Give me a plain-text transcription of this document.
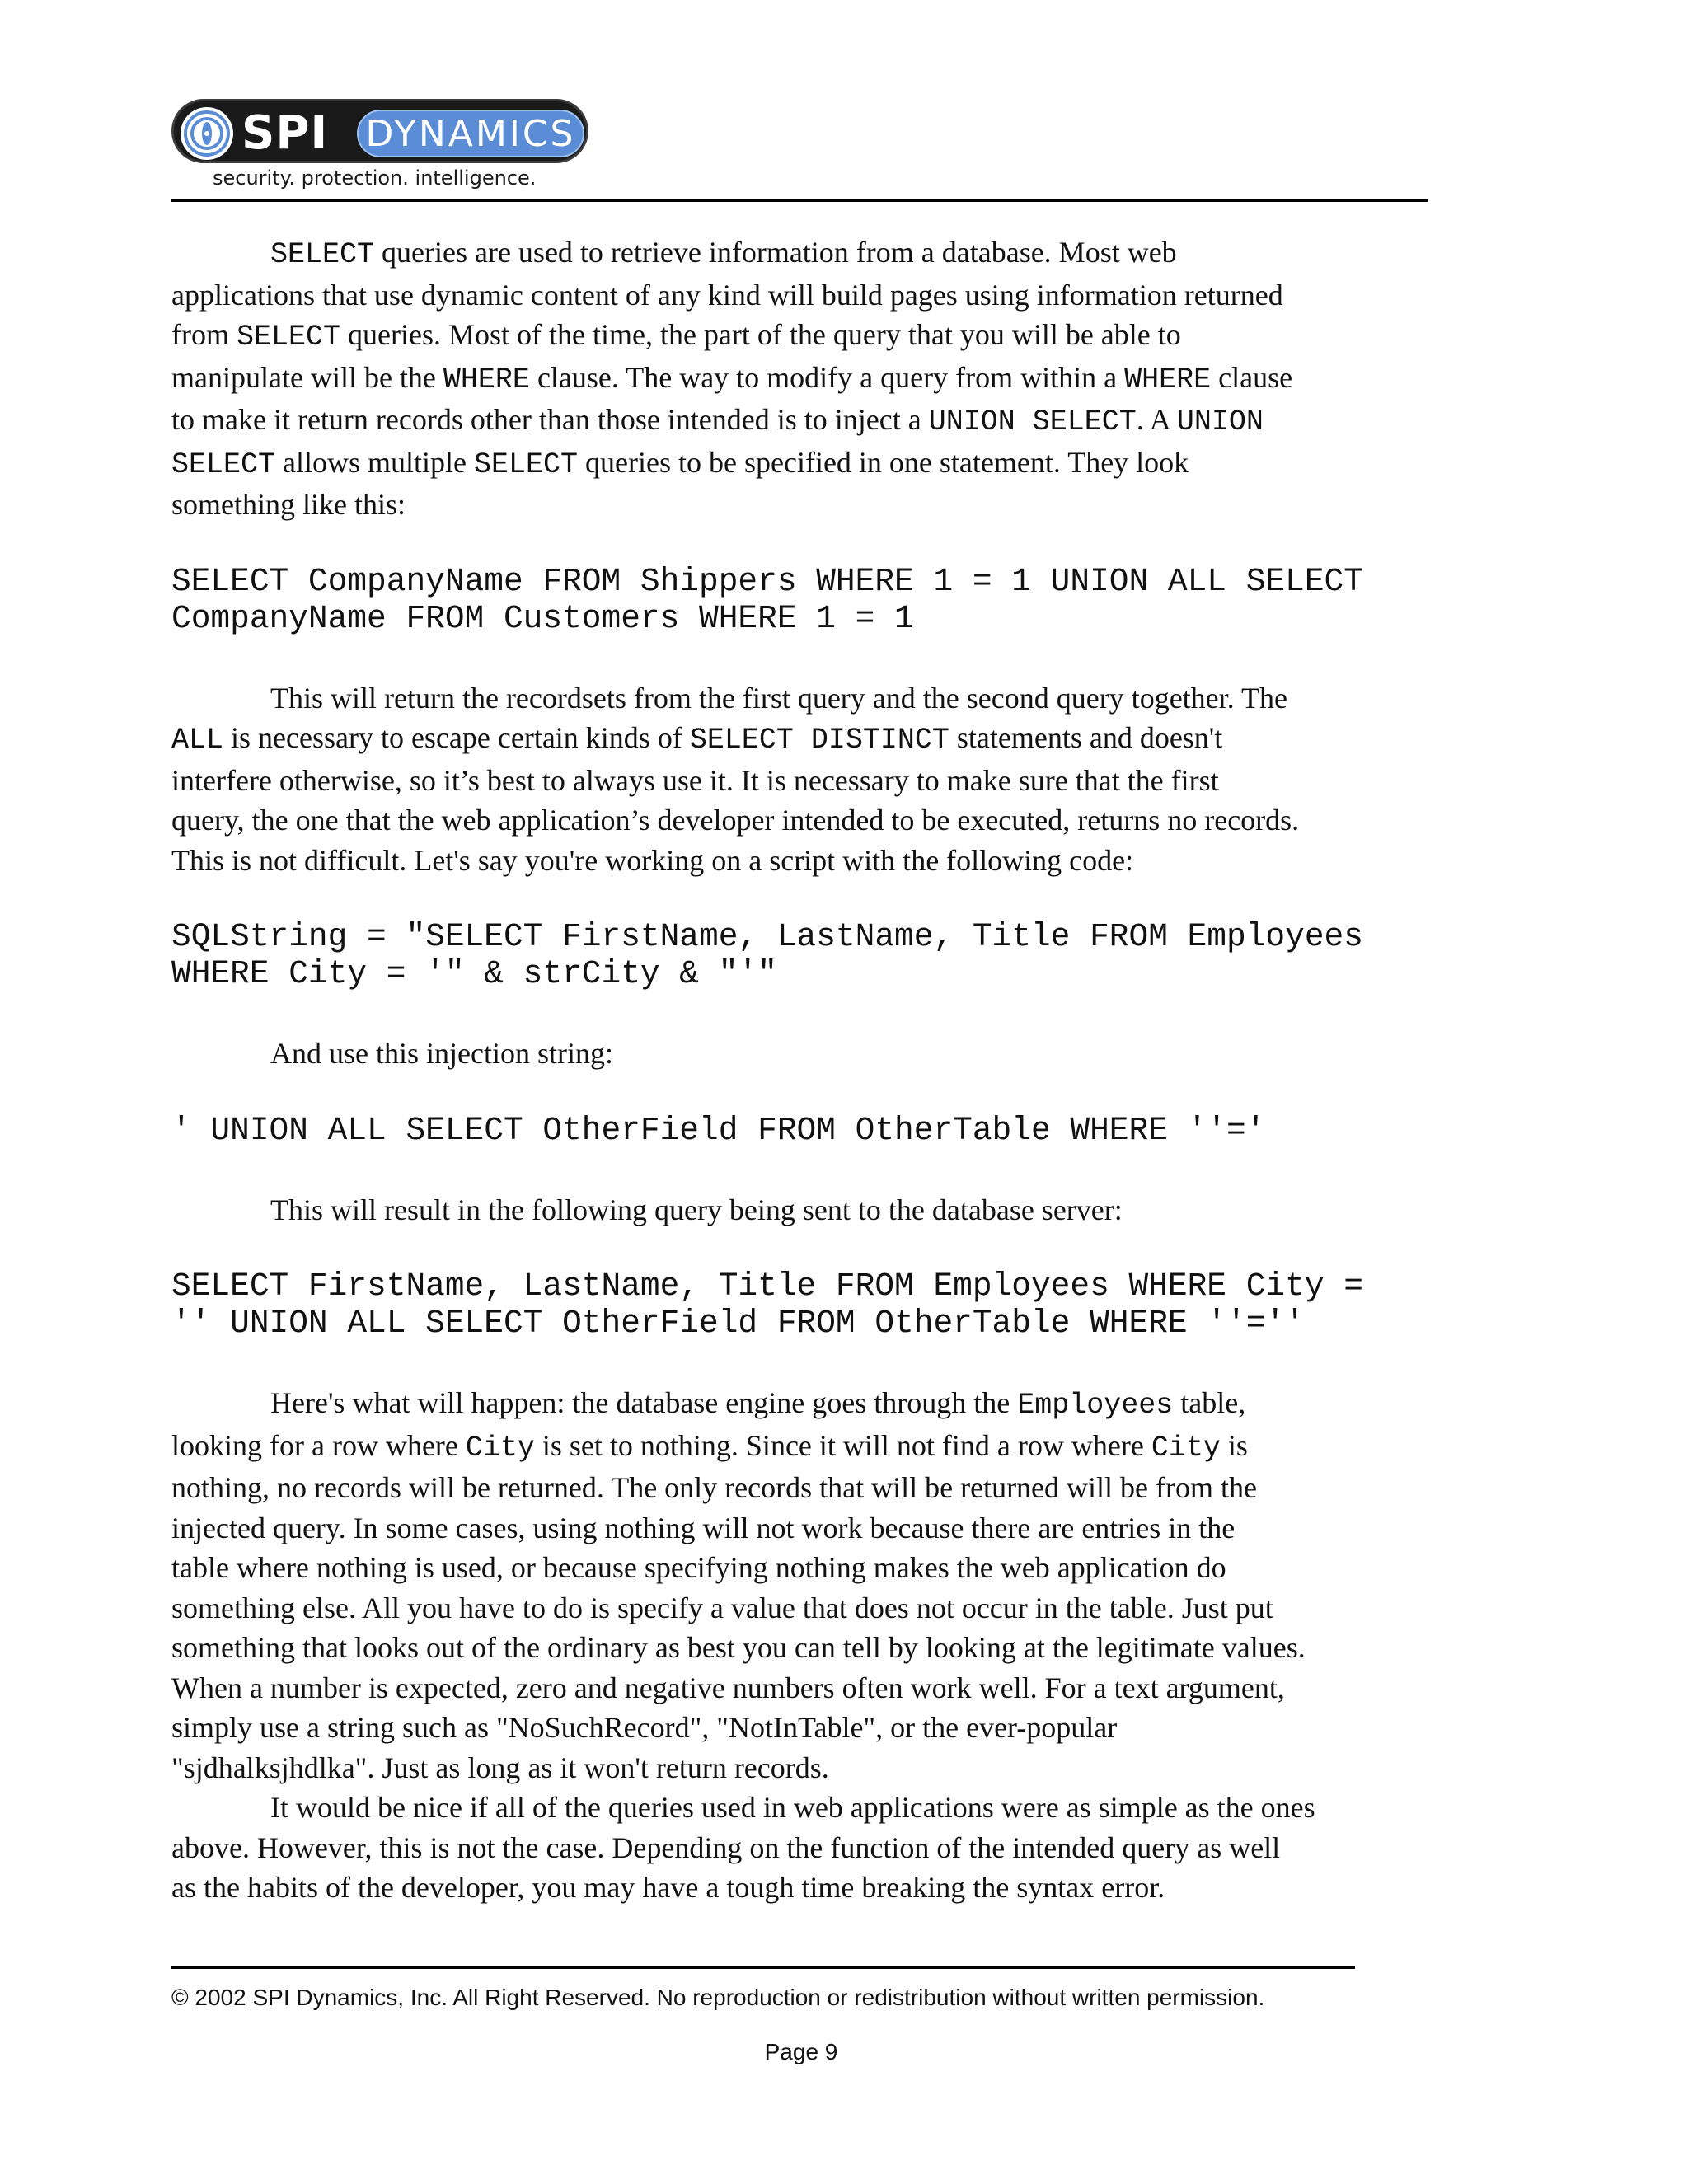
SPI DYNAMICS
security. protection. intelligence.

SELECT queries are used to retrieve information from a database. Most web
applications that use dynamic content of any kind will build pages using information returned
from SELECT queries. Most of the time, the part of the query that you will be able to
manipulate will be the WHERE clause. The way to modify a query from within a WHERE clause
to make it return records other than those intended is to inject a UNION SELECT. A UNION
SELECT allows multiple SELECT queries to be specified in one statement. They look
something like this:

SELECT CompanyName FROM Shippers WHERE 1 = 1 UNION ALL SELECT
CompanyName FROM Customers WHERE 1 = 1

This will return the recordsets from the first query and the second query together. The
ALL is necessary to escape certain kinds of SELECT DISTINCT statements and doesn't
interfere otherwise, so it’s best to always use it. It is necessary to make sure that the first
query, the one that the web application’s developer intended to be executed, returns no records.
This is not difficult. Let's say you're working on a script with the following code:

SQLString = "SELECT FirstName, LastName, Title FROM Employees
WHERE City = '" & strCity & "'"

And use this injection string:

' UNION ALL SELECT OtherField FROM OtherTable WHERE ''='

This will result in the following query being sent to the database server:

SELECT FirstName, LastName, Title FROM Employees WHERE City =
'' UNION ALL SELECT OtherField FROM OtherTable WHERE ''=''

Here's what will happen: the database engine goes through the Employees table,
looking for a row where City is set to nothing. Since it will not find a row where City is
nothing, no records will be returned. The only records that will be returned will be from the
injected query. In some cases, using nothing will not work because there are entries in the
table where nothing is used, or because specifying nothing makes the web application do
something else. All you have to do is specify a value that does not occur in the table. Just put
something that looks out of the ordinary as best you can tell by looking at the legitimate values.
When a number is expected, zero and negative numbers often work well. For a text argument,
simply use a string such as "NoSuchRecord", "NotInTable", or the ever-popular
"sjdhalksjhdlka". Just as long as it won't return records.

It would be nice if all of the queries used in web applications were as simple as the ones
above. However, this is not the case. Depending on the function of the intended query as well
as the habits of the developer, you may have a tough time breaking the syntax error.

© 2002 SPI Dynamics, Inc. All Right Reserved. No reproduction or redistribution without written permission.
Page 9
